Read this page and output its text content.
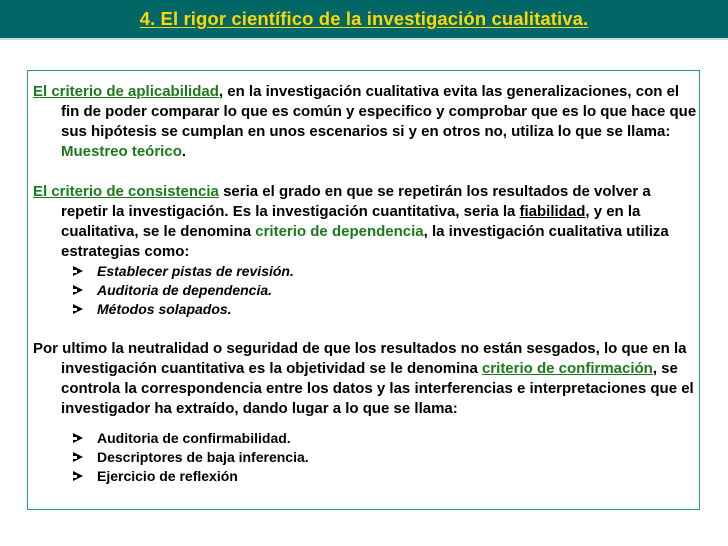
4. El rigor científico de la investigación cualitativa.
El criterio de aplicabilidad, en la investigación cualitativa evita las generalizaciones, con el fin de poder comparar lo que es común y especifico y comprobar que es lo que hace que sus hipótesis se cumplan en unos escenarios si y en otros no, utiliza lo que se llama: Muestreo teórico.
El criterio de consistencia seria el grado en que se repetirán los resultados de volver a repetir la investigación. Es la investigación cuantitativa, seria la fiabilidad, y en la cualitativa, se le denomina criterio de dependencia, la investigación cualitativa utiliza estrategias como:
Establecer pistas de revisión.
Auditoria de dependencia.
Métodos solapados.
Por ultimo la neutralidad o seguridad de que los resultados no están sesgados, lo que en la investigación cuantitativa es la objetividad se le denomina criterio de confirmación, se controla la correspondencia entre los datos y las interferencias e interpretaciones que el investigador ha extraído, dando lugar a lo que se llama:
Auditoria de confirmabilidad.
Descriptores de baja inferencia.
Ejercicio de reflexión
